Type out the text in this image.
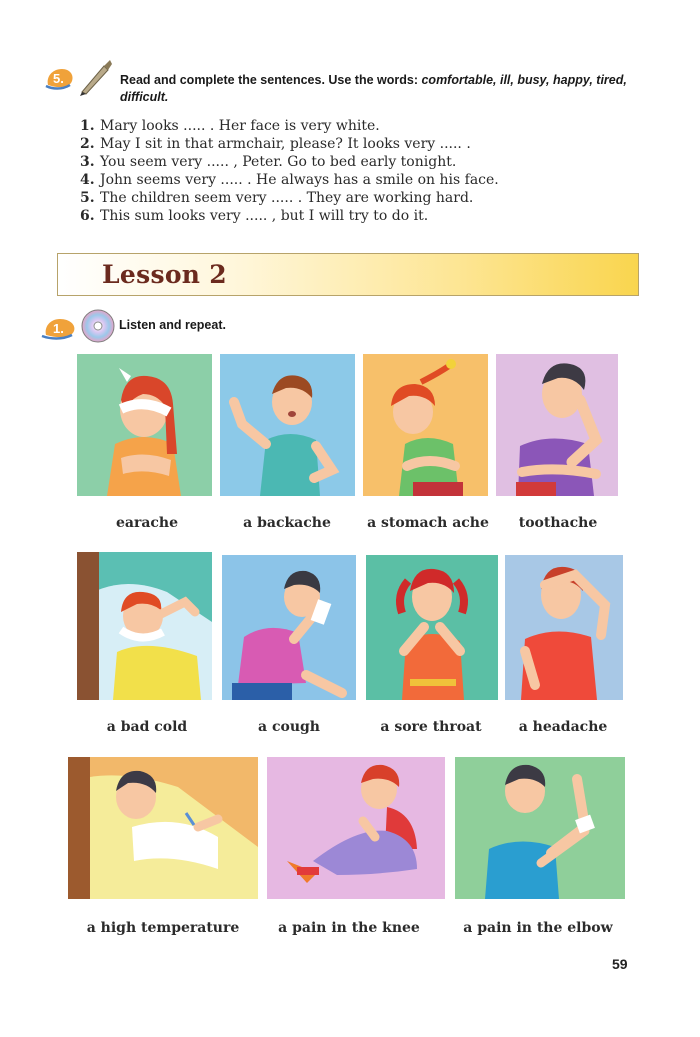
5.	Read and complete the sentences. Use the words: comfortable, ill, busy, happy, tired, difficult.
1. Mary looks ..... . Her face is very white.
2. May I sit in that armchair, please? It looks very ..... .
3. You seem very ..... , Peter. Go to bed early tonight.
4. John seems very ..... . He always has a smile on his face.
5. The children seem very ..... . They are working hard.
6. This sum looks very ..... , but I will try to do it.
Lesson 2
1.	Listen and repeat.
earache	a backache	a stomach ache	toothache
a bad cold	a cough	a sore throat	a headache
a high temperature	a pain in the knee	a pain in the elbow
59
